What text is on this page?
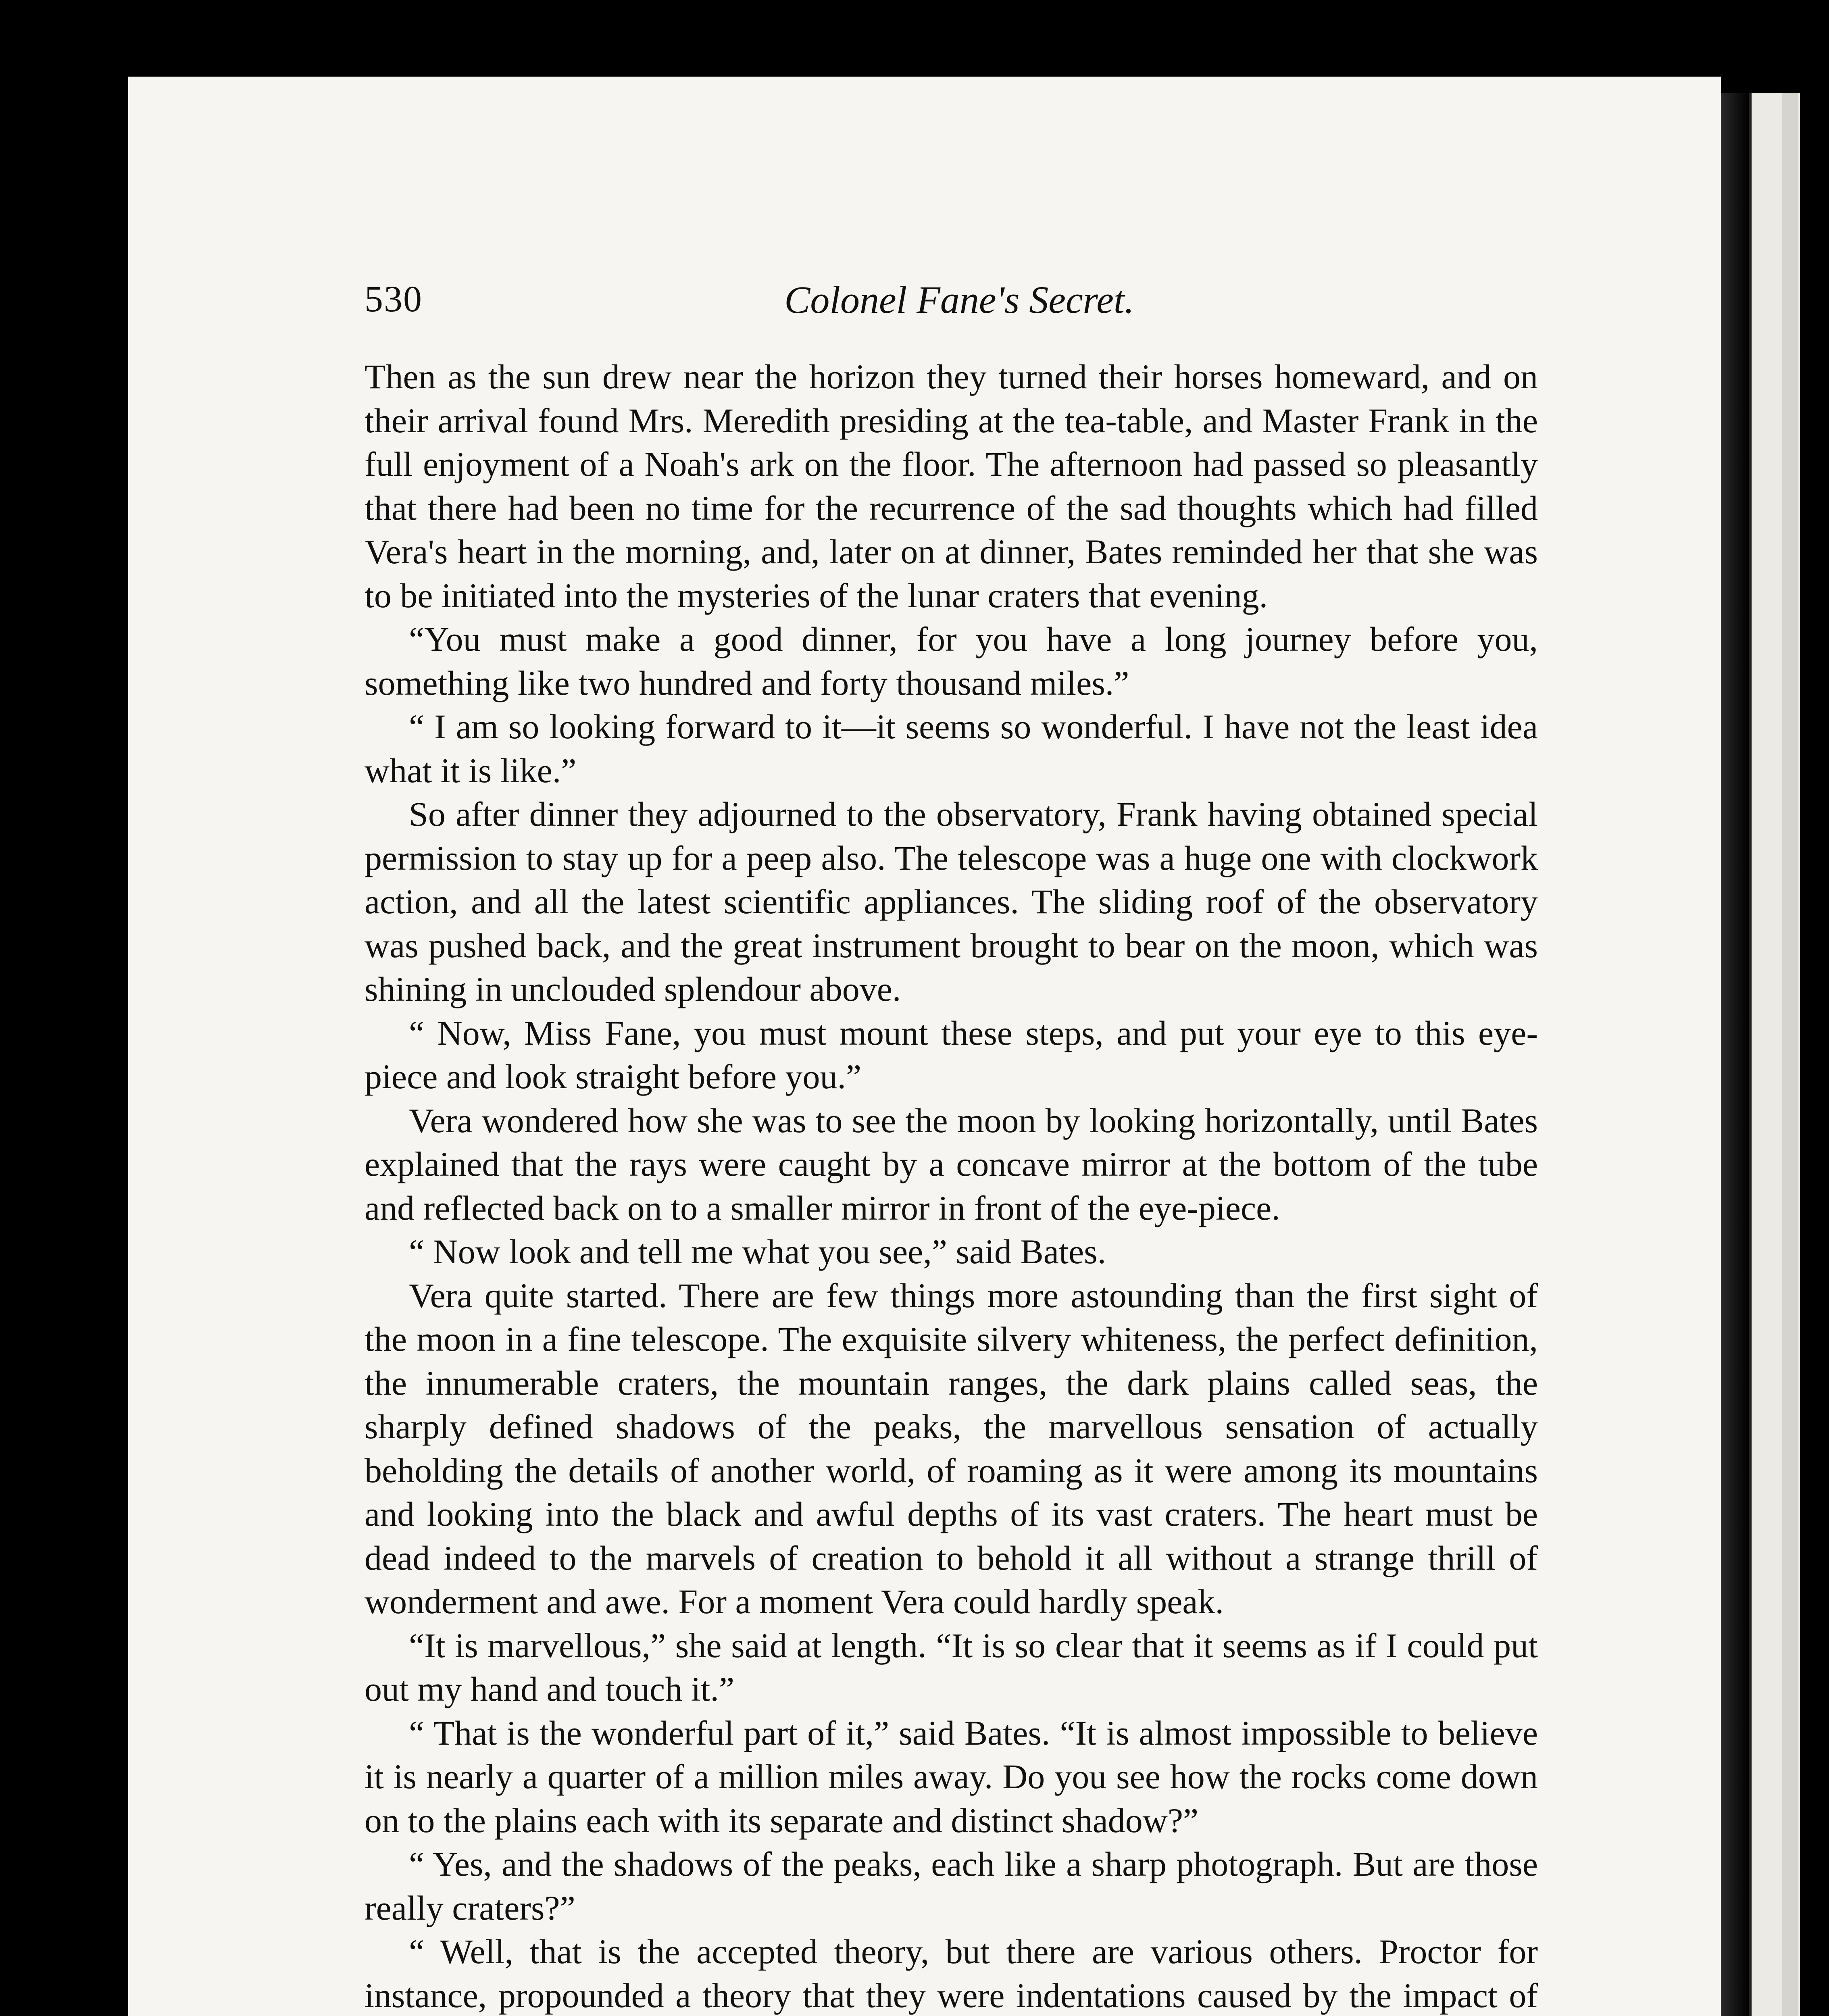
530	Colonel Fane's Secret.

Then as the sun drew near the horizon they turned their horses homeward, and on their arrival found Mrs. Meredith presiding at the tea-table, and Master Frank in the full enjoyment of a Noah's ark on the floor. The afternoon had passed so pleasantly that there had been no time for the recurrence of the sad thoughts which had filled Vera's heart in the morning, and, later on at dinner, Bates reminded her that she was to be initiated into the mysteries of the lunar craters that evening.

“You must make a good dinner, for you have a long journey before you, something like two hundred and forty thousand miles.”

“ I am so looking forward to it—it seems so wonderful. I have not the least idea what it is like.”

So after dinner they adjourned to the observatory, Frank having obtained special permission to stay up for a peep also. The telescope was a huge one with clockwork action, and all the latest scientific appliances. The sliding roof of the observatory was pushed back, and the great instrument brought to bear on the moon, which was shining in unclouded splendour above.

“ Now, Miss Fane, you must mount these steps, and put your eye to this eye-piece and look straight before you.”

Vera wondered how she was to see the moon by looking horizontally, until Bates explained that the rays were caught by a concave mirror at the bottom of the tube and reflected back on to a smaller mirror in front of the eye-piece.

“ Now look and tell me what you see,” said Bates.

Vera quite started. There are few things more astounding than the first sight of the moon in a fine telescope. The exquisite silvery whiteness, the perfect definition, the innumerable craters, the mountain ranges, the dark plains called seas, the sharply defined shadows of the peaks, the marvellous sensation of actually beholding the details of another world, of roaming as it were among its mountains and looking into the black and awful depths of its vast craters. The heart must be dead indeed to the marvels of creation to behold it all without a strange thrill of wonderment and awe. For a moment Vera could hardly speak.

“It is marvellous,” she said at length. “It is so clear that it seems as if I could put out my hand and touch it.”

“ That is the wonderful part of it,” said Bates. “It is almost impossible to believe it is nearly a quarter of a million miles away. Do you see how the rocks come down on to the plains each with its separate and distinct shadow?”

“ Yes, and the shadows of the peaks, each like a sharp photograph. But are those really craters?”

“ Well, that is the accepted theory, but there are various others. Proctor for instance, propounded a theory that they were indentations caused by the impact of
